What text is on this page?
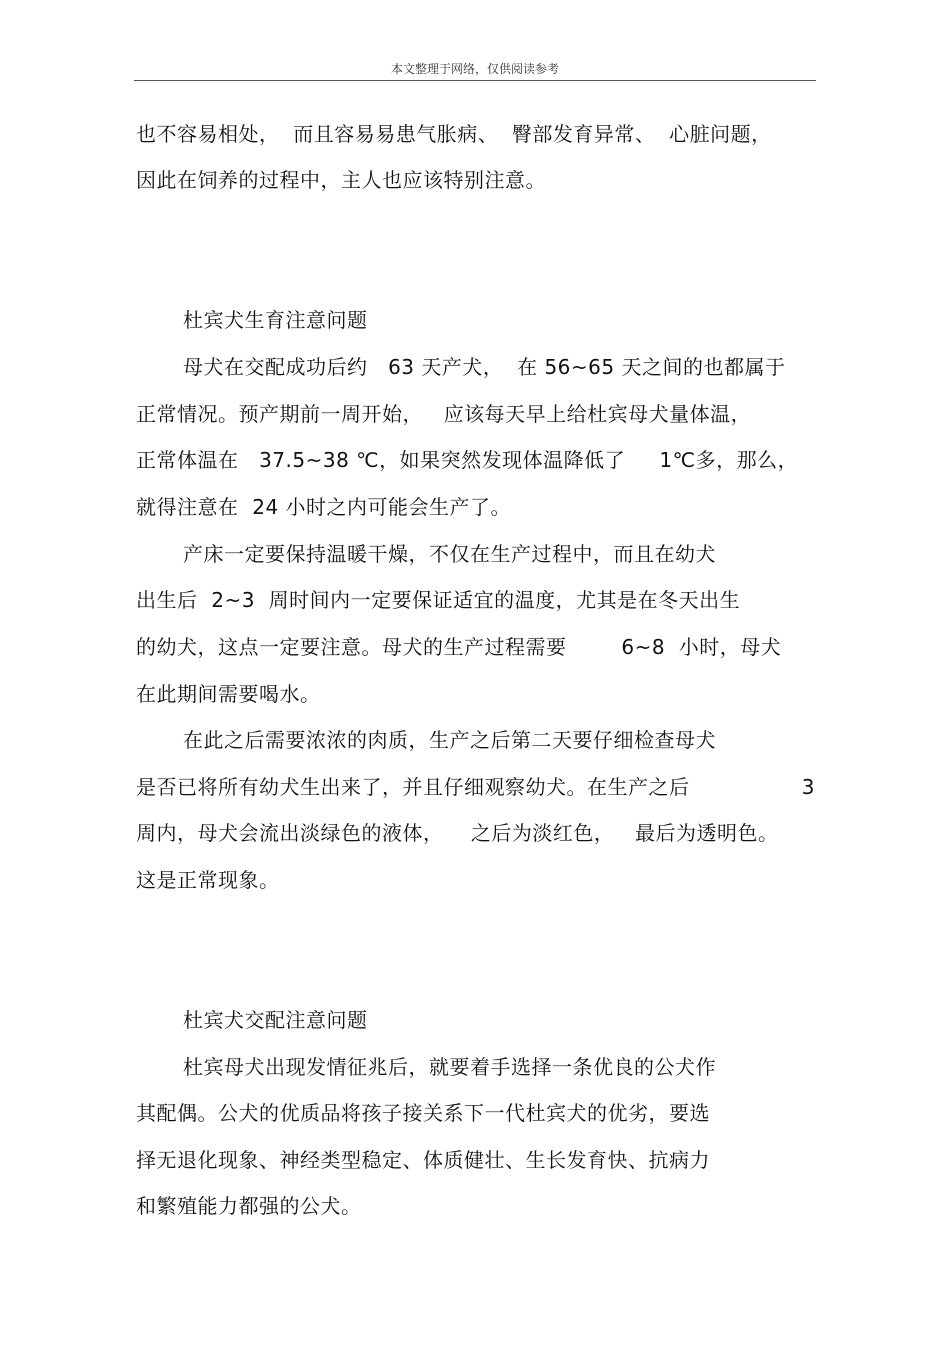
本文整理于网络，仅供阅读参考
也不容易相处，  而且容易易患气胀病、  臀部发育异常、  心脏问题，
因此在饲养的过程中，主人也应该特别注意。
杜宾犬生育注意问题
母犬在交配成功后约   63 天产犬，  在 56~65 天之间的也都属于
正常情况。预产期前一周开始，   应该每天早上给杜宾母犬量体温，
正常体温在   37.5~38 ℃，如果突然发现体温降低了     1℃多，那么，
就得注意在  24 小时之内可能会生产了。
产床一定要保持温暖干燥，不仅在生产过程中，而且在幼犬
出生后  2~3  周时间内一定要保证适宜的温度，尤其是在冬天出生
的幼犬，这点一定要注意。母犬的生产过程需要        6~8  小时，母犬
在此期间需要喝水。
在此之后需要浓浓的肉质，生产之后第二天要仔细检查母犬
是否已将所有幼犬生出来了，并且仔细观察幼犬。在生产之后	3
周内，母犬会流出淡绿色的液体，    之后为淡红色，   最后为透明色。
这是正常现象。
杜宾犬交配注意问题
杜宾母犬出现发情征兆后，就要着手选择一条优良的公犬作
其配偶。公犬的优质品将孩子接关系下一代杜宾犬的优劣，要选
择无退化现象、神经类型稳定、体质健壮、生长发育快、抗病力
和繁殖能力都强的公犬。
